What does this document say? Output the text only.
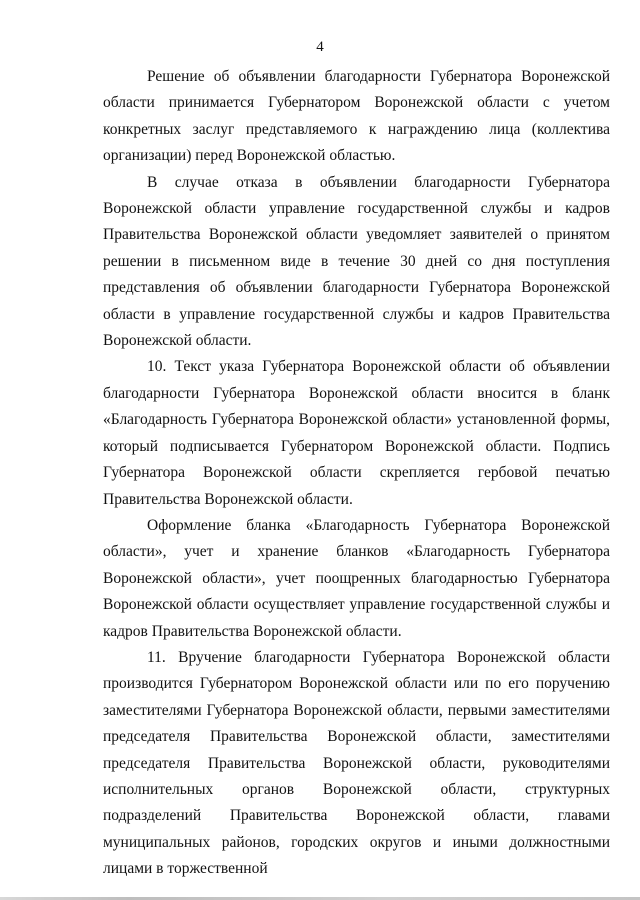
4

Решение об объявлении благодарности Губернатора Воронежской области принимается Губернатором Воронежской области с учетом конкретных заслуг представляемого к награждению лица (коллектива организации) перед Воронежской областью.

В случае отказа в объявлении благодарности Губернатора Воронежской области управление государственной службы и кадров Правительства Воронежской области уведомляет заявителей о принятом решении в письменном виде в течение 30 дней со дня поступления представления об объявлении благодарности Губернатора Воронежской области в управление государственной службы и кадров Правительства Воронежской области.

10. Текст указа Губернатора Воронежской области об объявлении благодарности Губернатора Воронежской области вносится в бланк «Благодарность Губернатора Воронежской области» установленной формы, который подписывается Губернатором Воронежской области. Подпись Губернатора Воронежской области скрепляется гербовой печатью Правительства Воронежской области.

Оформление бланка «Благодарность Губернатора Воронежской области», учет и хранение бланков «Благодарность Губернатора Воронежской области», учет поощренных благодарностью Губернатора Воронежской области осуществляет управление государственной службы и кадров Правительства Воронежской области.

11. Вручение благодарности Губернатора Воронежской области производится Губернатором Воронежской области или по его поручению заместителями Губернатора Воронежской области, первыми заместителями председателя Правительства Воронежской области, заместителями председателя Правительства Воронежской области, руководителями исполнительных органов Воронежской области, структурных подразделений Правительства Воронежской области, главами муниципальных районов, городских округов и иными должностными лицами в торжественной
